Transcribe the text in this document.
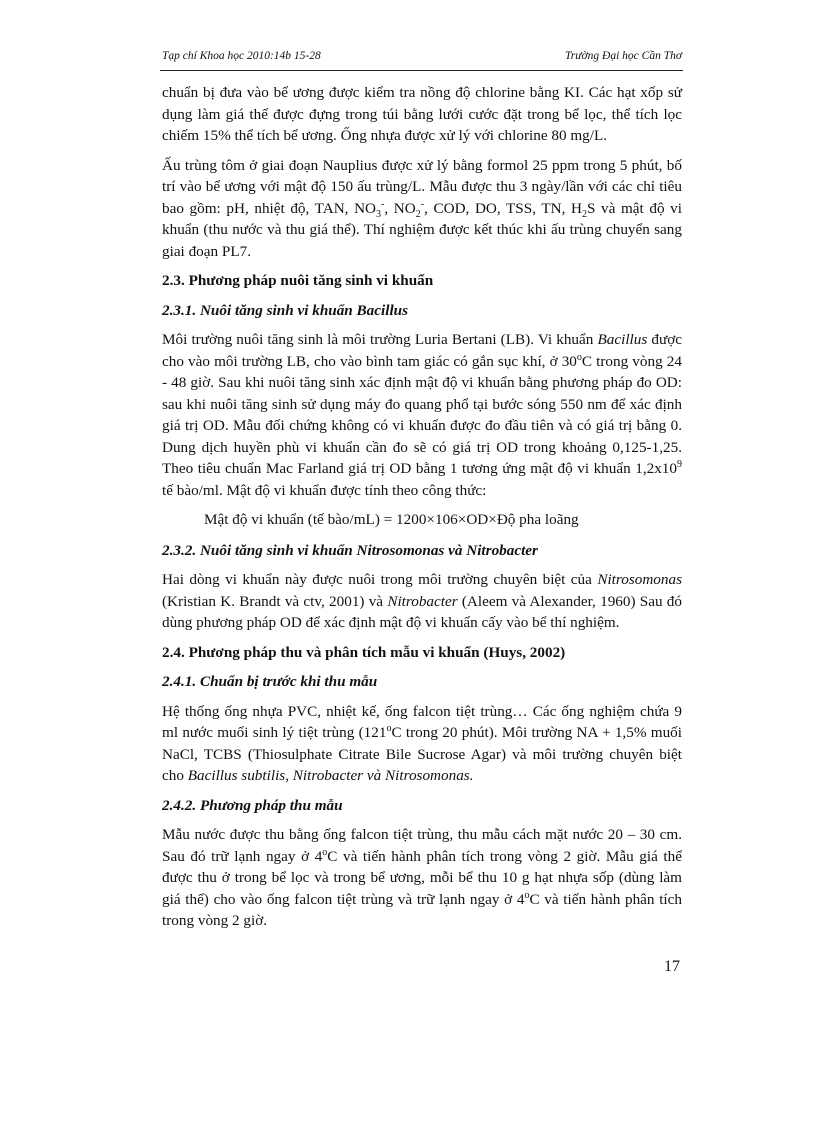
Tạp chí Khoa học 2010:14b 15-28	Trường Đại học Cần Thơ

chuẩn bị đưa vào bể ương được kiểm tra nồng độ chlorine bằng KI. Các hạt xốp sử dụng làm giá thể được đựng trong túi bằng lưới cước đặt trong bể lọc, thể tích lọc chiếm 15% thể tích bể ương. Ống nhựa được xử lý với chlorine 80 mg/L.

Ấu trùng tôm ở giai đoạn Nauplius được xử lý bằng formol 25 ppm trong 5 phút, bố trí vào bể ương với mật độ 150 ấu trùng/L. Mẫu được thu 3 ngày/lần với các chỉ tiêu bao gồm: pH, nhiệt độ, TAN, $NO_3^-$, $NO_2^-$, COD, DO, TSS, TN, $H_2S$ và mật độ vi khuẩn (thu nước và thu giá thể). Thí nghiệm được kết thúc khi ấu trùng chuyển sang giai đoạn PL7.

2.3. Phương pháp nuôi tăng sinh vi khuẩn
2.3.1. Nuôi tăng sinh vi khuẩn Bacillus

Môi trường nuôi tăng sinh là môi trường Luria Bertani (LB). Vi khuẩn Bacillus được cho vào môi trường LB, cho vào bình tam giác có gắn sục khí, ở 30$^o$C trong vòng 24 - 48 giờ. Sau khi nuôi tăng sinh xác định mật độ vi khuẩn bằng phương pháp đo OD: sau khi nuôi tăng sinh sử dụng máy đo quang phổ tại bước sóng 550 nm để xác định giá trị OD. Mẫu đối chứng không có vi khuẩn được đo đầu tiên và có giá trị bằng 0. Dung dịch huyền phù vi khuẩn cần đo sẽ có giá trị OD trong khoảng 0,125-1,25. Theo tiêu chuẩn Mac Farland giá trị OD bằng 1 tương ứng mật độ vi khuẩn $1,2x10^9$ tế bào/ml. Mật độ vi khuẩn được tính theo công thức:

Mật độ vi khuẩn (tế bào/mL) = 1200×106×OD×Độ pha loãng
2.3.2. Nuôi tăng sinh vi khuẩn Nitrosomonas và Nitrobacter

Hai dòng vi khuẩn này được nuôi trong môi trường chuyên biệt của Nitrosomonas (Kristian K. Brandt và ctv, 2001) và Nitrobacter (Aleem và Alexander, 1960) Sau đó dùng phương pháp OD để xác định mật độ vi khuẩn cấy vào bể thí nghiệm.

2.4. Phương pháp thu và phân tích mẫu vi khuẩn (Huys, 2002)
2.4.1. Chuẩn bị trước khi thu mẫu

Hệ thống ống nhựa PVC, nhiệt kế, ống falcon tiệt trùng… Các ống nghiệm chứa 9 ml nước muối sinh lý tiệt trùng (121$^o$C trong 20 phút). Môi trường NA + 1,5% muối NaCl, TCBS (Thiosulphate Citrate Bile Sucrose Agar) và môi trường chuyên biệt cho Bacillus subtilis, Nitrobacter và Nitrosomonas.

2.4.2. Phương pháp thu mẫu

Mẫu nước được thu bằng ống falcon tiệt trùng, thu mẫu cách mặt nước 20 – 30 cm. Sau đó trữ lạnh ngay ở 4$^o$C và tiến hành phân tích trong vòng 2 giờ. Mẫu giá thể được thu ở trong bể lọc và trong bể ương, mỗi bể thu 10 g hạt nhựa sốp (dùng làm giá thể) cho vào ống falcon tiệt trùng và trữ lạnh ngay ở 4$^o$C và tiến hành phân tích trong vòng 2 giờ.

17
